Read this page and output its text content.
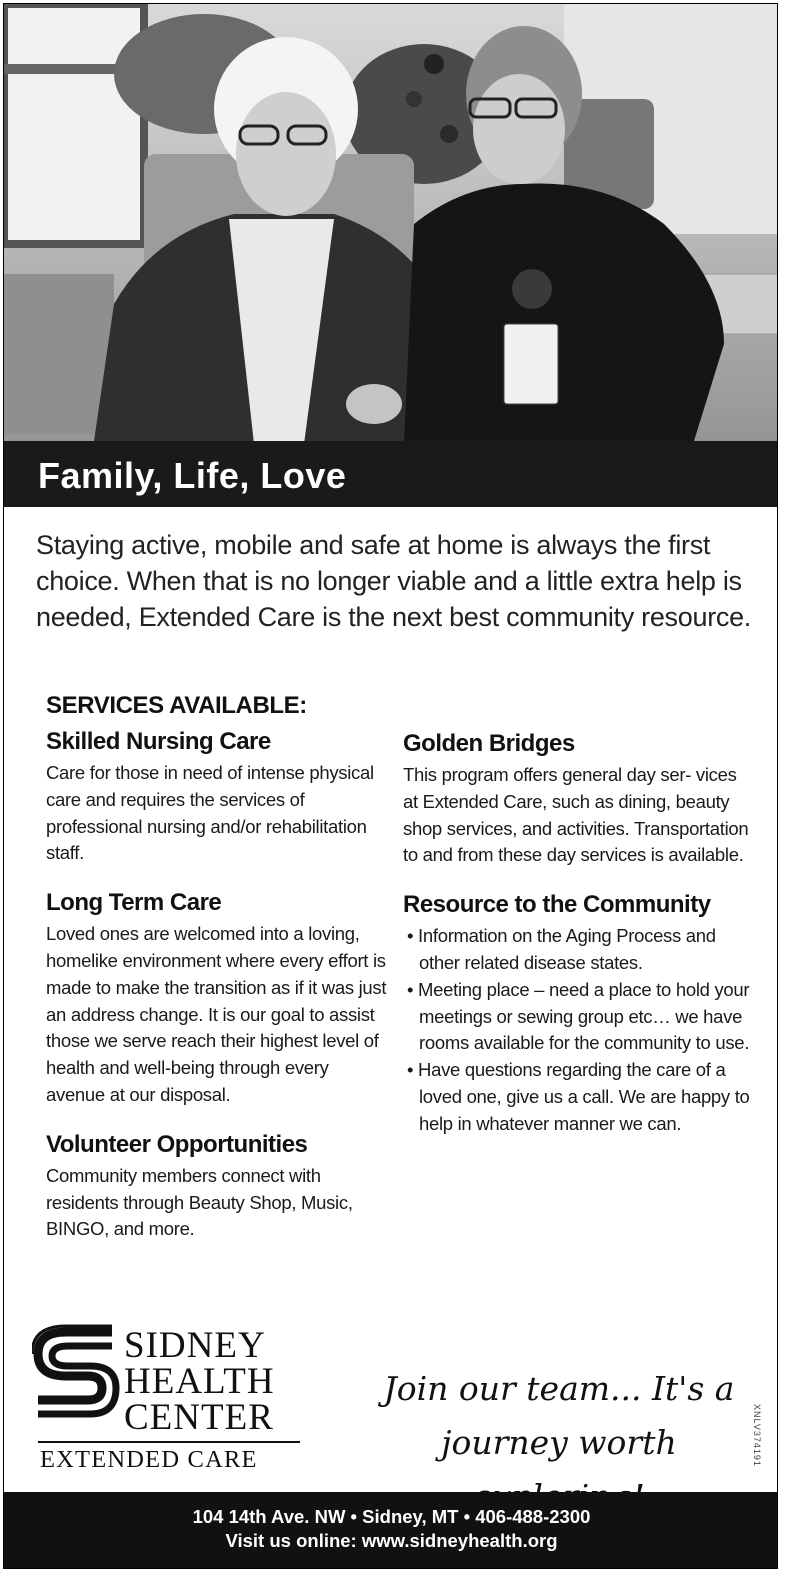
Family, Life, Love
Staying active, mobile and safe at home is always the first choice. When that is no longer viable and a little extra help is needed, Extended Care is the next best community resource.
SERVICES AVAILABLE:
Skilled Nursing Care

Care for those in need of intense physical care and requires the services of professional nursing and/or rehabilitation staff.

Long Term Care

Loved ones are welcomed into a loving, homelike environment where every effort is made to make the transition as if it was just an address change. It is our goal to assist those we serve reach their highest level of health and well-being through every avenue at our disposal.

Volunteer Opportunities

Community members connect with residents through Beauty Shop, Music, BINGO, and more.

Golden Bridges

This program offers general day ser- vices at Extended Care, such as dining, beauty shop services, and activities. Transportation to and from these day services is available.

Resource to the Community
• Information on the Aging Process and other related disease states.
• Meeting place – need a place to hold your meetings or sewing group etc… we have rooms available for the community to use.
• Have questions regarding the care of a loved one, give us a call. We are happy to help in whatever manner we can.
SIDNEY
HEALTH
CENTER
EXTENDED CARE
Join our team... It's a
journey worth	XNLV374191
104 14th Ave. NW • Sidney, MT • 406-488-2300
Visit us online: www.sidneyhealth.org
